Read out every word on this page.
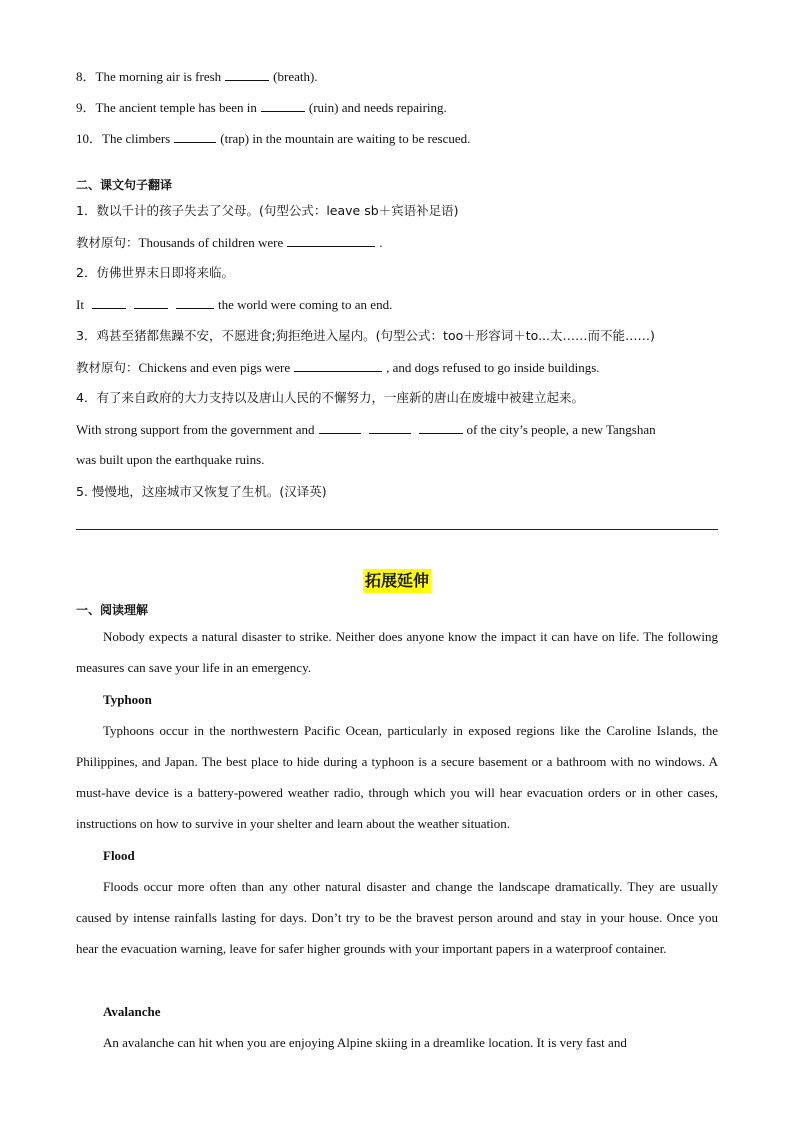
8．The morning air is fresh	(breath).
9．The ancient temple has been in	(ruin) and needs repairing.
10．The climbers	(trap) in the mountain are waiting to be rescued.
二、课文句子翻译
1．数以千计的孩子失去了父母。(句型公式：leave sb＋宾语补足语)
教材原句：Thousands of children were	.
2．仿佛世界末日即将来临。
It	the world were coming to an end.
3．鸡甚至猪都焦躁不安，不愿进食;狗拒绝进入屋内。(句型公式：too＋形容词＋to...太……而不能……)
教材原句：Chickens and even pigs were	, and dogs refused to go inside buildings.
4．有了来自政府的大力支持以及唐山人民的不懈努力，一座新的唐山在废墟中被建立起来。
With strong support from the government and	of the city’s people, a new Tangshan
was built upon the earthquake ruins.
5. 慢慢地，这座城市又恢复了生机。(汉译英)
拓展延伸
一、阅读理解
Nobody expects a natural disaster to strike. Neither does anyone know the impact it can have on life. The following measures can save your life in an emergency.
Typhoon
Typhoons occur in the northwestern Pacific Ocean, particularly in exposed regions like the Caroline Islands, the Philippines, and Japan. The best place to hide during a typhoon is a secure basement or a bathroom with no windows. A must-have device is a battery-powered weather radio, through which you will hear evacuation orders or in other cases, instructions on how to survive in your shelter and learn about the weather situation.
Flood
Floods occur more often than any other natural disaster and change the landscape dramatically. They are usually caused by intense rainfalls lasting for days. Don’t try to be the bravest person around and stay in your house. Once you hear the evacuation warning, leave for safer higher grounds with your important papers in a waterproof container.
Avalanche
An avalanche can hit when you are enjoying Alpine skiing in a dreamlike location. It is very fast and
